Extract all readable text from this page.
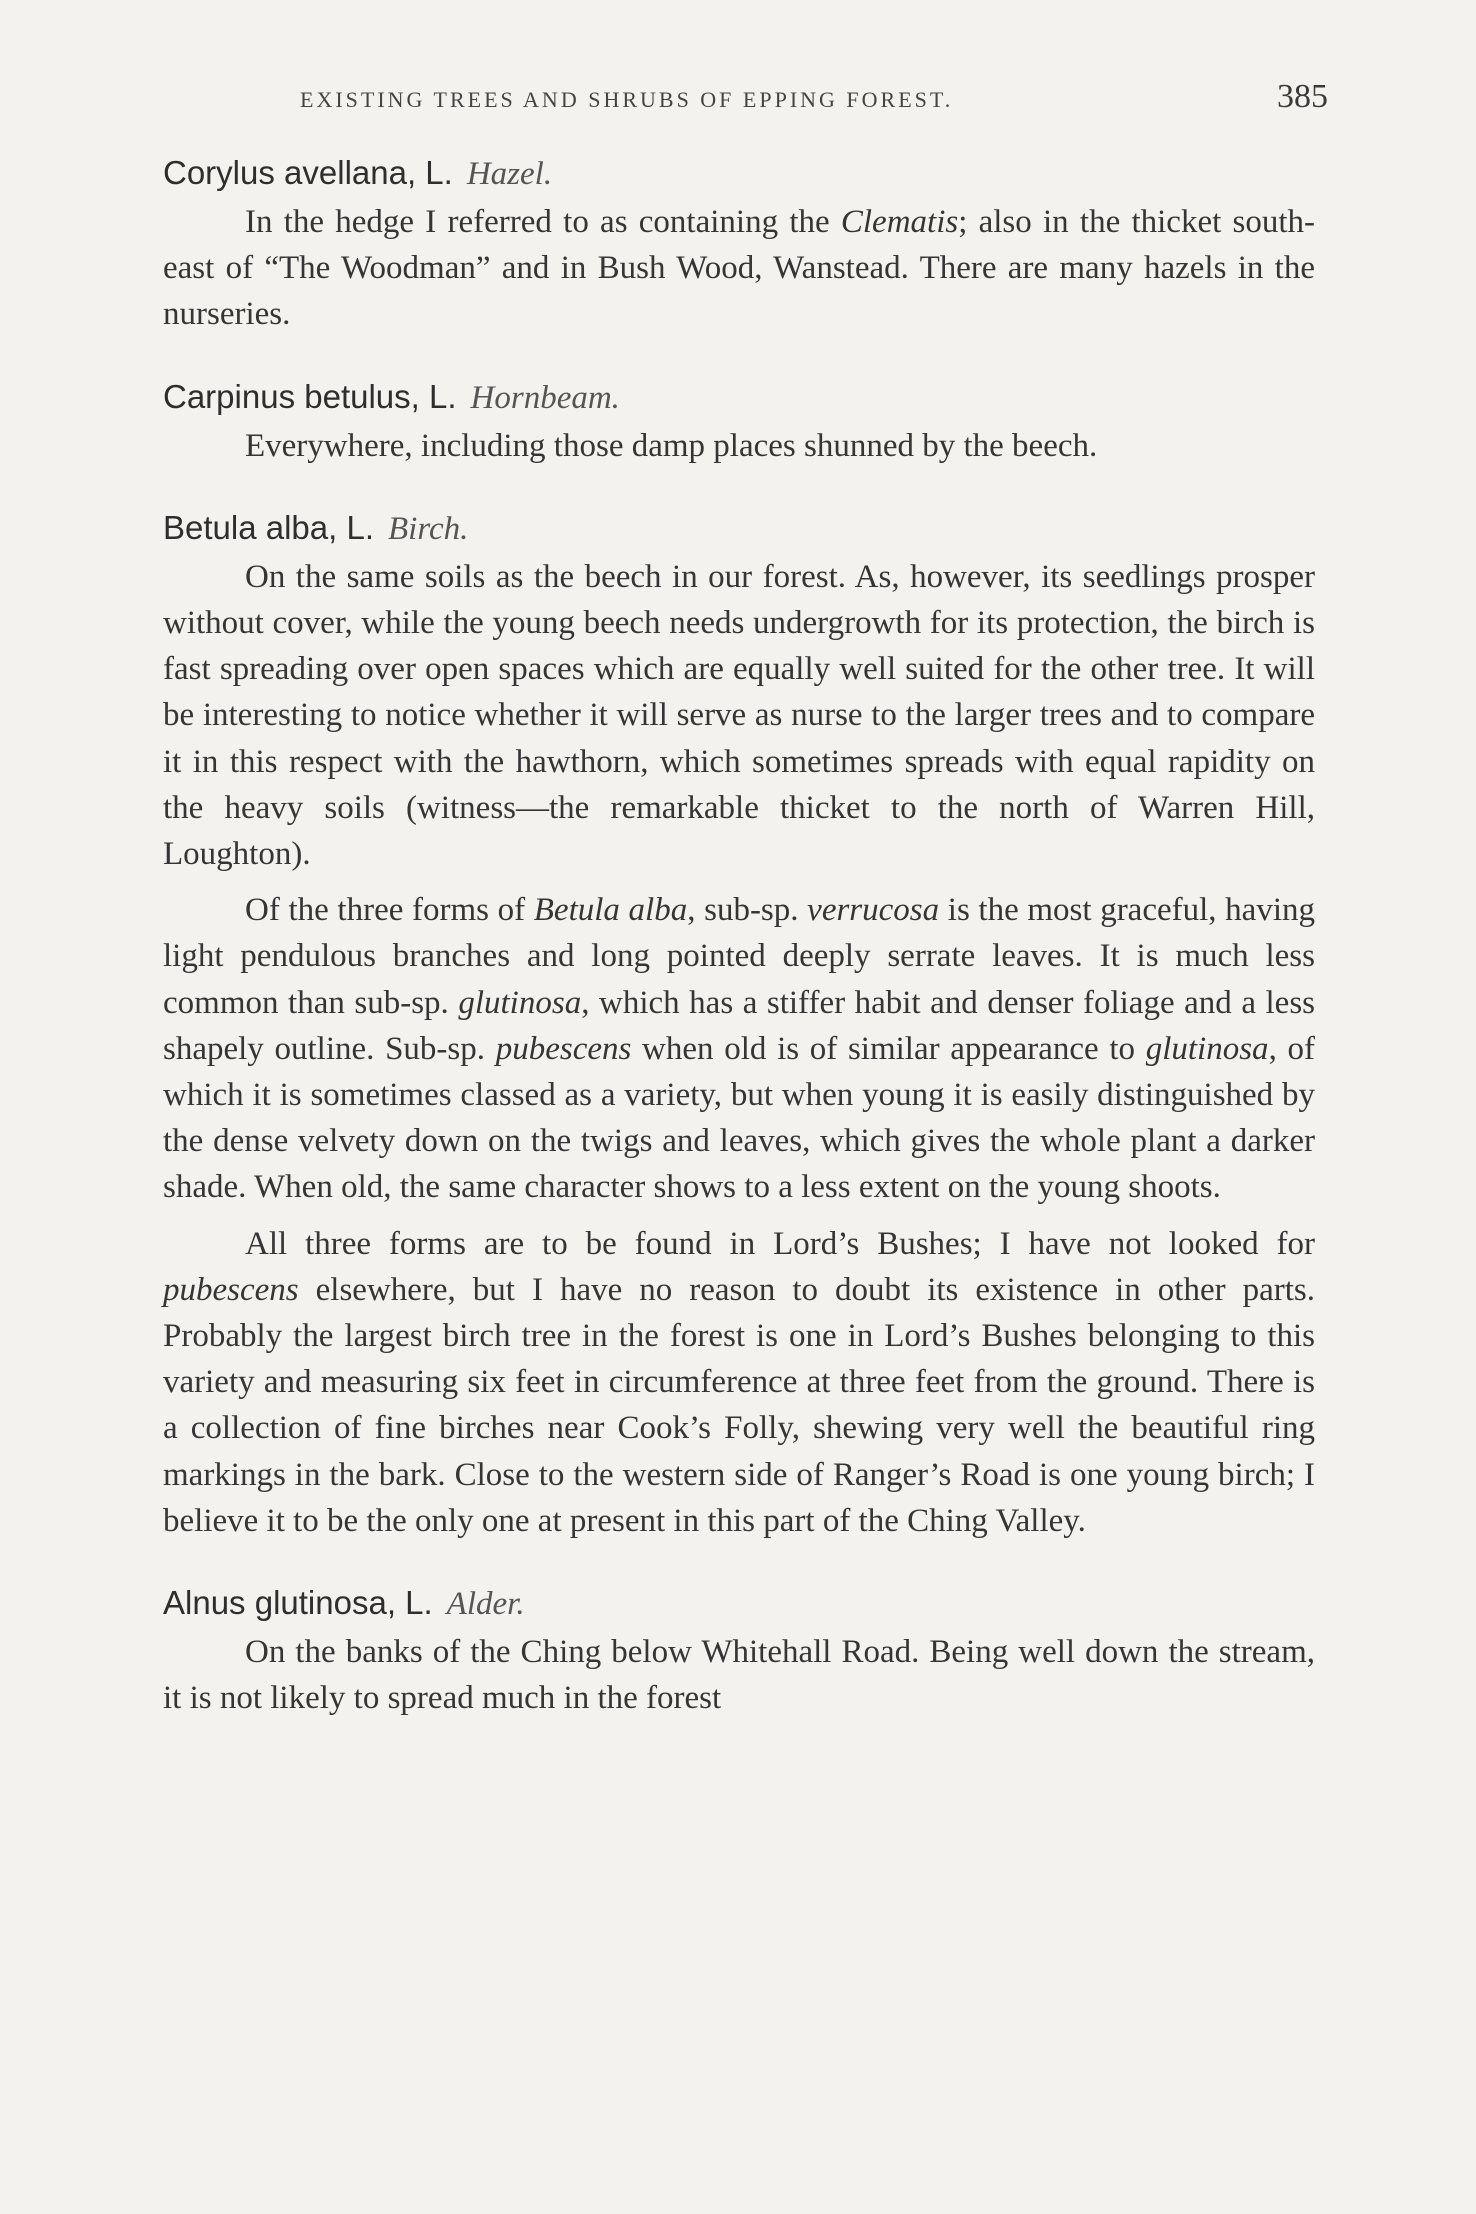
EXISTING TREES AND SHRUBS OF EPPING FOREST.	385

Corylus avellana, L. Hazel.

In the hedge I referred to as containing the Clematis; also in the thicket south-east of “The Woodman” and in Bush Wood, Wanstead. There are many hazels in the nurseries.

Carpinus betulus, L. Hornbeam.

Everywhere, including those damp places shunned by the beech.

Betula alba, L. Birch.

On the same soils as the beech in our forest. As, however, its seedlings prosper without cover, while the young beech needs undergrowth for its protection, the birch is fast spreading over open spaces which are equally well suited for the other tree. It will be interesting to notice whether it will serve as nurse to the larger trees and to compare it in this respect with the hawthorn, which sometimes spreads with equal rapidity on the heavy soils (witness—the remarkable thicket to the north of Warren Hill, Loughton).

Of the three forms of Betula alba, sub-sp. verrucosa is the most graceful, having light pendulous branches and long pointed deeply serrate leaves. It is much less common than sub-sp. glutinosa, which has a stiffer habit and denser foliage and a less shapely outline. Sub-sp. pubescens when old is of similar appearance to glutinosa, of which it is sometimes classed as a variety, but when young it is easily distinguished by the dense velvety down on the twigs and leaves, which gives the whole plant a darker shade. When old, the same character shows to a less extent on the young shoots.

All three forms are to be found in Lord’s Bushes; I have not looked for pubescens elsewhere, but I have no reason to doubt its existence in other parts. Probably the largest birch tree in the forest is one in Lord’s Bushes belonging to this variety and measuring six feet in circumference at three feet from the ground. There is a collection of fine birches near Cook’s Folly, shewing very well the beautiful ring markings in the bark. Close to the western side of Ranger’s Road is one young birch; I believe it to be the only one at present in this part of the Ching Valley.

Alnus glutinosa, L. Alder.

On the banks of the Ching below Whitehall Road. Being well down the stream, it is not likely to spread much in the forest
